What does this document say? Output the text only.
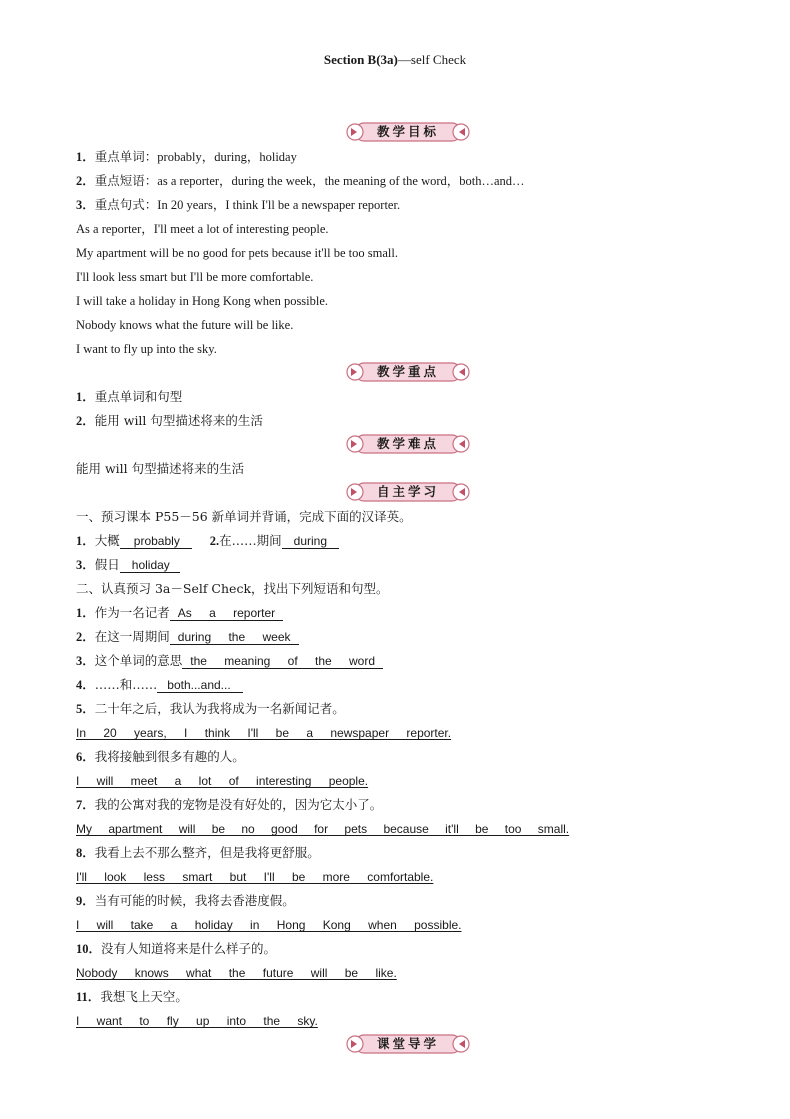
Section B(3a)—self Check
教学目标
1．重点单词：probably，during，holiday
2．重点短语：as a reporter，during the week，the meaning of the word，both…and…
3．重点句式：In 20 years，I think I'll be a newspaper reporter.
As a reporter，I'll meet a lot of interesting people.
My apartment will be no good for pets because it'll be too small.
I'll look less smart but I'll be more comfortable.
I will take a holiday in Hong Kong when possible.
Nobody knows what the future will be like.
I want to fly up into the sky.
教学重点
1．重点单词和句型
2．能用 will 句型描述将来的生活
教学难点
能用 will 句型描述将来的生活
自主学习
一、预习课本 P55－56 新单词并背诵，完成下面的汉译英。
1．大概 probably 2.在……期间 during
3．假日 holiday
二、认真预习 3a－Self Check，找出下列短语和句型。
1．作为一名记者 As a reporter
2．在这一周期间 during the week
3．这个单词的意思 the meaning of the word
4．……和…… both...and...
5．二十年之后，我认为我将成为一名新闻记者。
In 20 years, I think I'll be a newspaper reporter.
6．我将接触到很多有趣的人。
I will meet a lot of interesting people.
7．我的公寓对我的宠物是没有好处的，因为它太小了。
My apartment will be no good for pets because it'll be too small.
8．我看上去不那么整齐，但是我将更舒服。
I'll look less smart but I'll be more comfortable.
9．当有可能的时候，我将去香港度假。
I will take a holiday in Hong Kong when possible.
10．没有人知道将来是什么样子的。
Nobody knows what the future will be like.
11．我想飞上天空。
I want to fly up into the sky.
课堂导学
